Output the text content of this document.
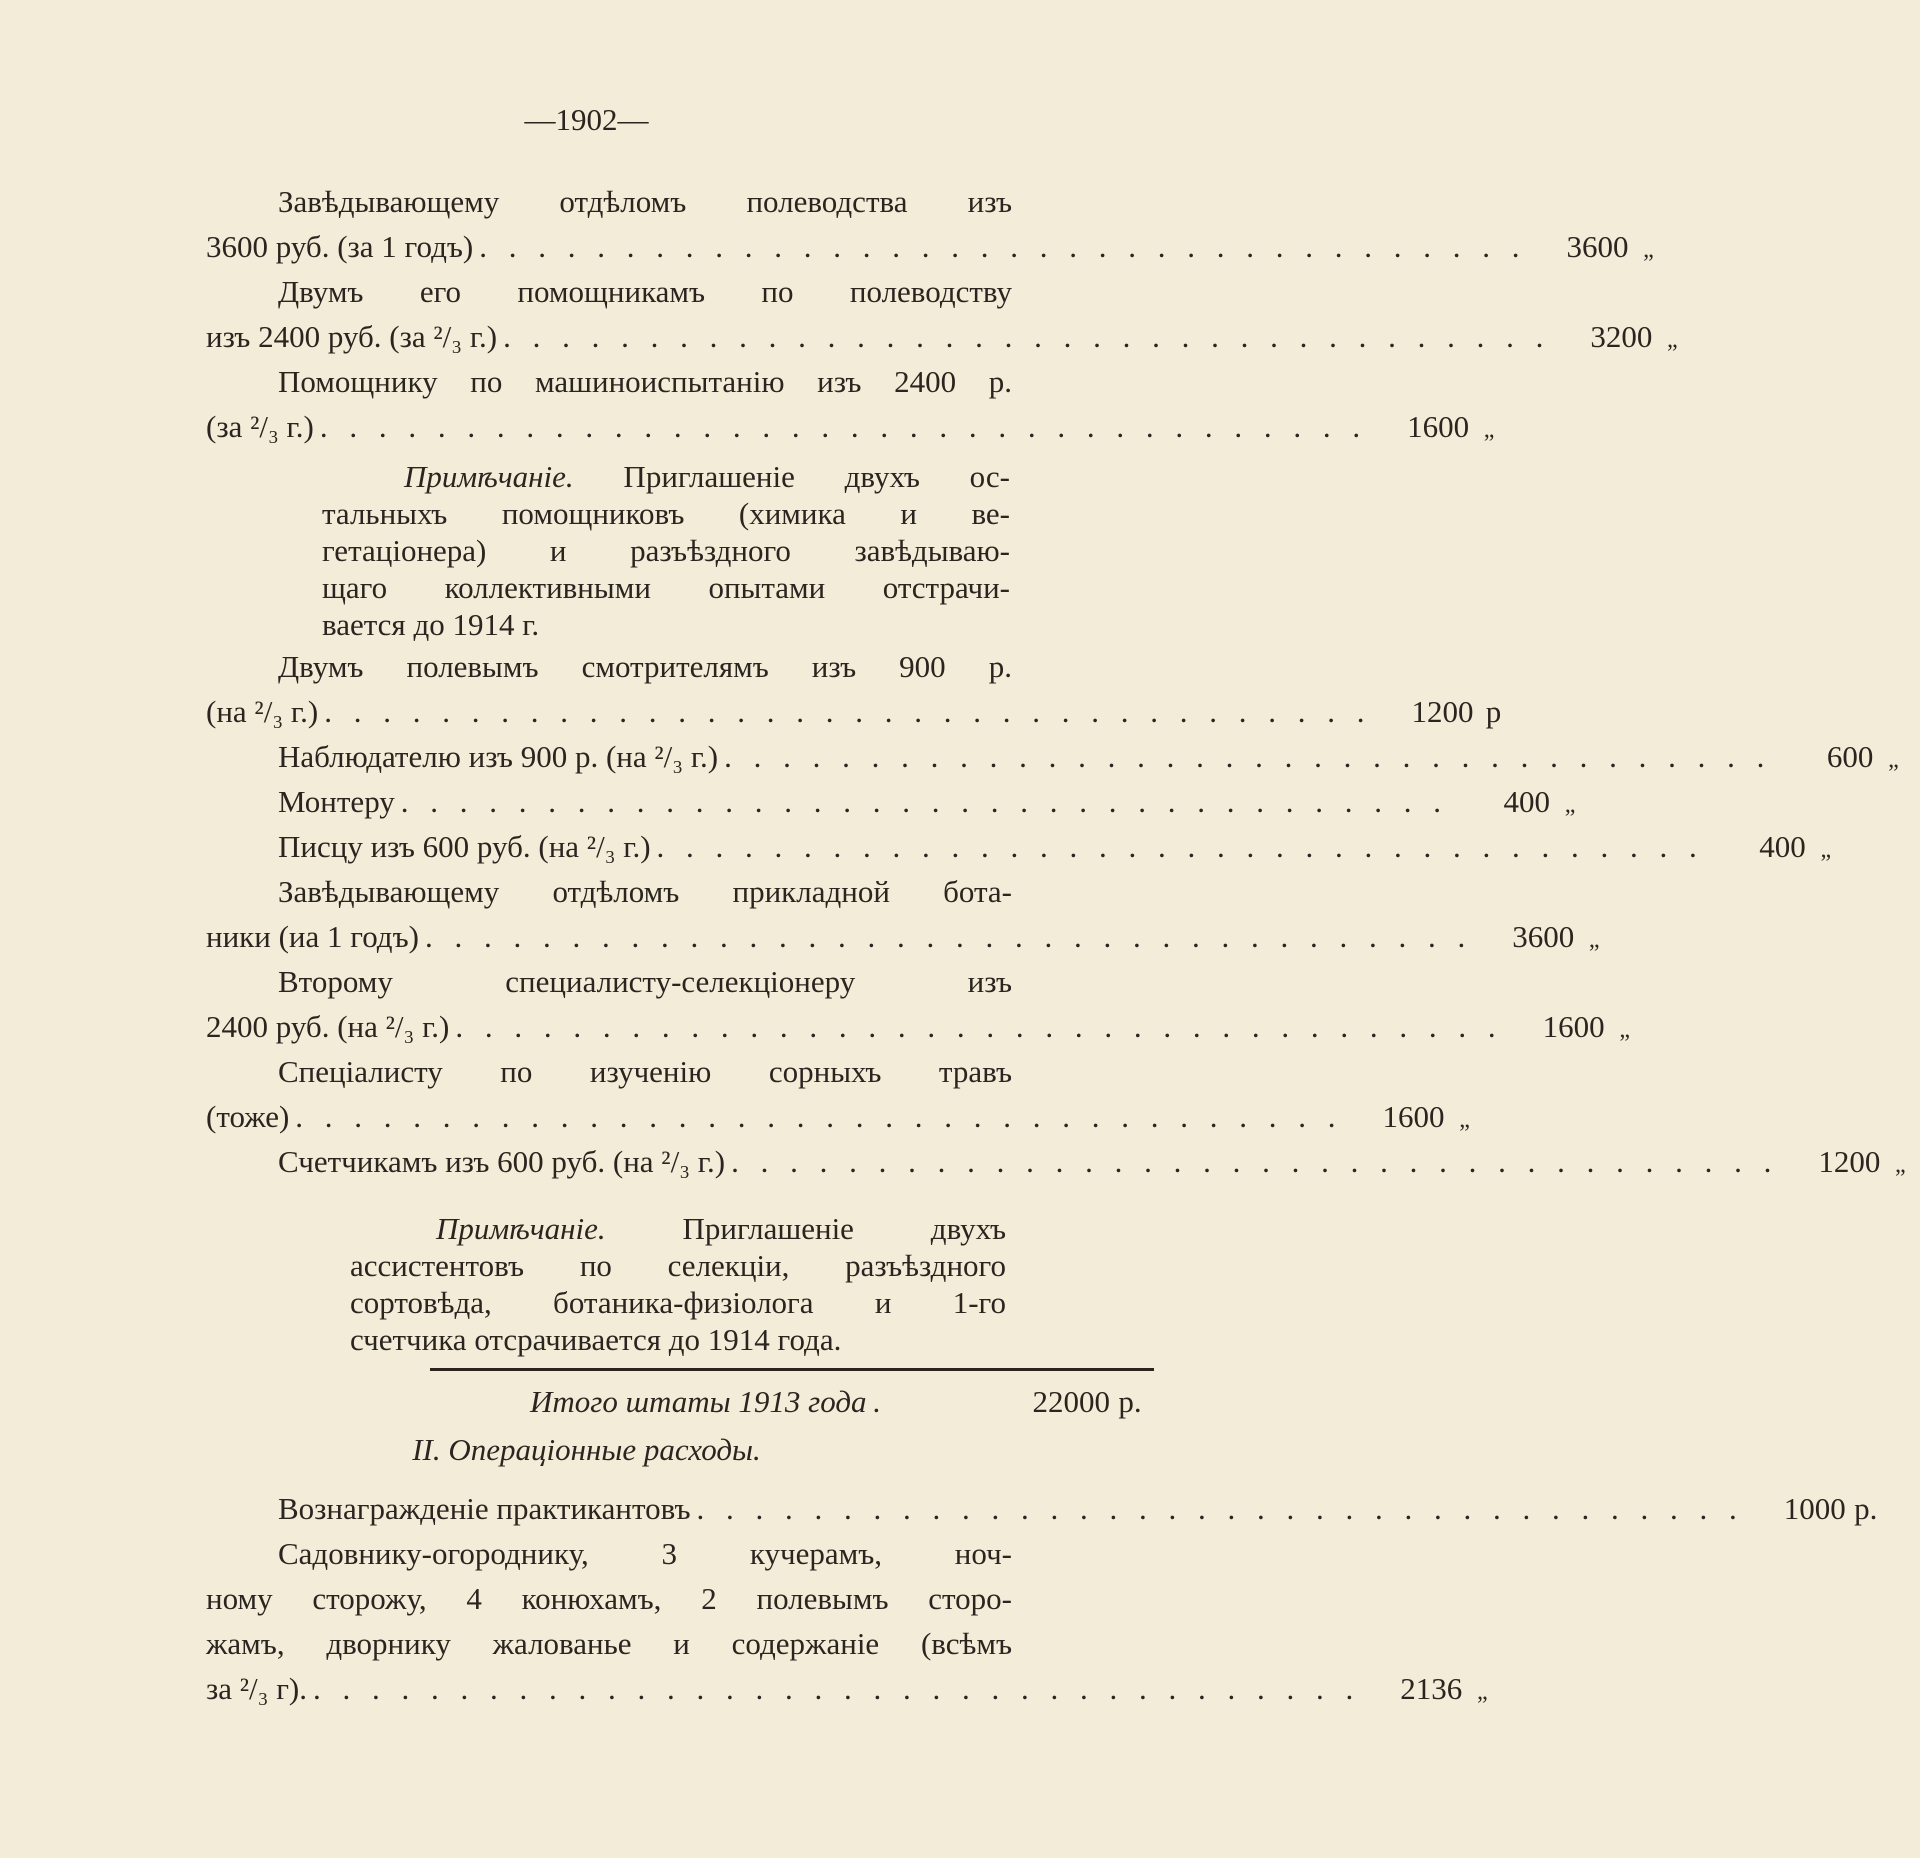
—1902—
Завѣдывающему отдѣломъ полеводства изъ
3600 руб. (за 1 годъ) . . . . . . . . . . . . . . . . . . . . . . . . . . . . . . . . . . . .	3600 „
Двумъ его помощникамъ по полеводству
изъ 2400 руб. (за ²/₃ г.) . . . . . . . . . . . . . . . . . . . . . . . . . . . . . . . . . . . .	3200 „
Помощнику по машиноиспытанію изъ 2400 р.
(за ²/₃ г.) . . . . . . . . . . . . . . . . . . . . . . . . . . . . . . . . . . . .	1600 „
Примѣчаніе. Приглашеніе двухъ ос-
тальныхъ помощниковъ (химика и ве-
гетаціонера) и разъѣздного завѣдываю-
щаго коллективными опытами отстрачи-
вается до 1914 г.
Двумъ полевымъ смотрителямъ изъ 900 р.
(на ²/₃ г.) . . . . . . . . . . . . . . . . . . . . . . . . . . . . . . . . . . . .	1200 р
Наблюдателю изъ 900 р. (на ²/₃ г.) . . . . . . . . . . . . . . . . . . . . . . . . . . . . . . . . . . . .	600 „
Монтеру . . . . . . . . . . . . . . . . . . . . . . . . . . . . . . . . . . . .	400 „
Писцу изъ 600 руб. (на ²/₃ г.) . . . . . . . . . . . . . . . . . . . . . . . . . . . . . . . . . . . .	400 „
Завѣдывающему отдѣломъ прикладной бота-
ники (иа 1 годъ) . . . . . . . . . . . . . . . . . . . . . . . . . . . . . . . . . . . .	3600 „
Второму специалисту-селекціонеру изъ
2400 руб. (на ²/₃ г.) . . . . . . . . . . . . . . . . . . . . . . . . . . . . . . . . . . . .	1600 „
Спеціалисту по изученію сорныхъ травъ
(тоже) . . . . . . . . . . . . . . . . . . . . . . . . . . . . . . . . . . . .	1600 „
Счетчикамъ изъ 600 руб. (на ²/₃ г.) . . . . . . . . . . . . . . . . . . . . . . . . . . . . . . . . . . . .	1200 „
Примѣчаніе. Приглашеніе двухъ
ассистентовъ по селекціи, разъѣздного
сортовѣда, ботаника-физіолога и 1-го
счетчика отсрачивается до 1914 года.
Итого штаты 1913 года .	22000 р.
II. Операціонные расходы.
Вознагражденіе практикантовъ . . . . . . . . . . . . . . . . . . . . . . . . . . . . . . . . . . . .	1000 р.
Садовнику-огороднику, 3 кучерамъ, ноч-
ному сторожу, 4 конюхамъ, 2 полевымъ сторо-
жамъ, дворнику жалованье и содержаніе (всѣмъ
за ²/₃ г). . . . . . . . . . . . . . . . . . . . . . . . . . . . . . . . . . . . .	2136 „
